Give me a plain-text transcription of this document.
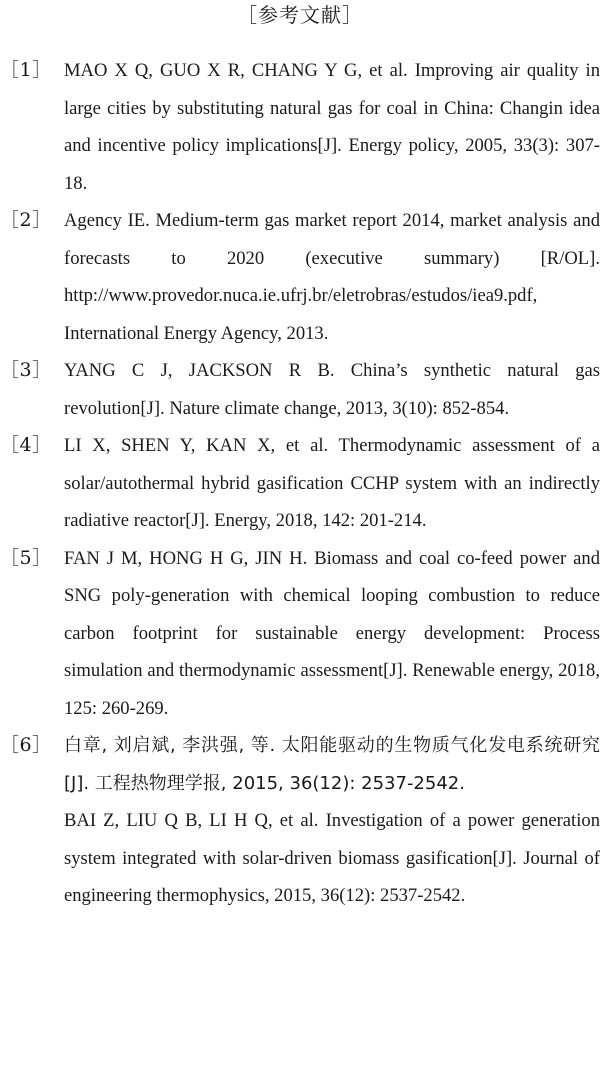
［参考文献］
［1］ MAO X Q, GUO X R, CHANG Y G, et al. Improving air quality in large cities by substituting natural gas for coal in China: Changin idea and incentive policy implications[J]. Energy policy, 2005, 33(3): 307-18.
［2］ Agency IE. Medium-term gas market report 2014, market analysis and forecasts to 2020 (executive summary) [R/OL]. http://www.provedor.nuca.ie.ufrj.br/eletrobras/estudos/iea9.pdf, International Energy Agency, 2013.
［3］ YANG C J, JACKSON R B. China’s synthetic natural gas revolution[J]. Nature climate change, 2013, 3(10): 852-854.
［4］ LI X, SHEN Y, KAN X, et al. Thermodynamic assessment of a solar/autothermal hybrid gasification CCHP system with an indirectly radiative reactor[J]. Energy, 2018, 142: 201-214.
［5］ FAN J M, HONG H G, JIN H. Biomass and coal co-feed power and SNG poly-generation with chemical looping combustion to reduce carbon footprint for sustainable energy development: Process simulation and thermodynamic assessment[J]. Renewable energy, 2018, 125: 260-269.
［6］ 白章, 刘启斌, 李洪强, 等. 太阳能驱动的生物质气化发电系统研究[J]. 工程热物理学报, 2015, 36(12): 2537-2542.
BAI Z, LIU Q B, LI H Q, et al. Investigation of a power generation system integrated with solar-driven biomass gasification[J]. Journal of engineering thermophysics, 2015, 36(12): 2537-2542.
